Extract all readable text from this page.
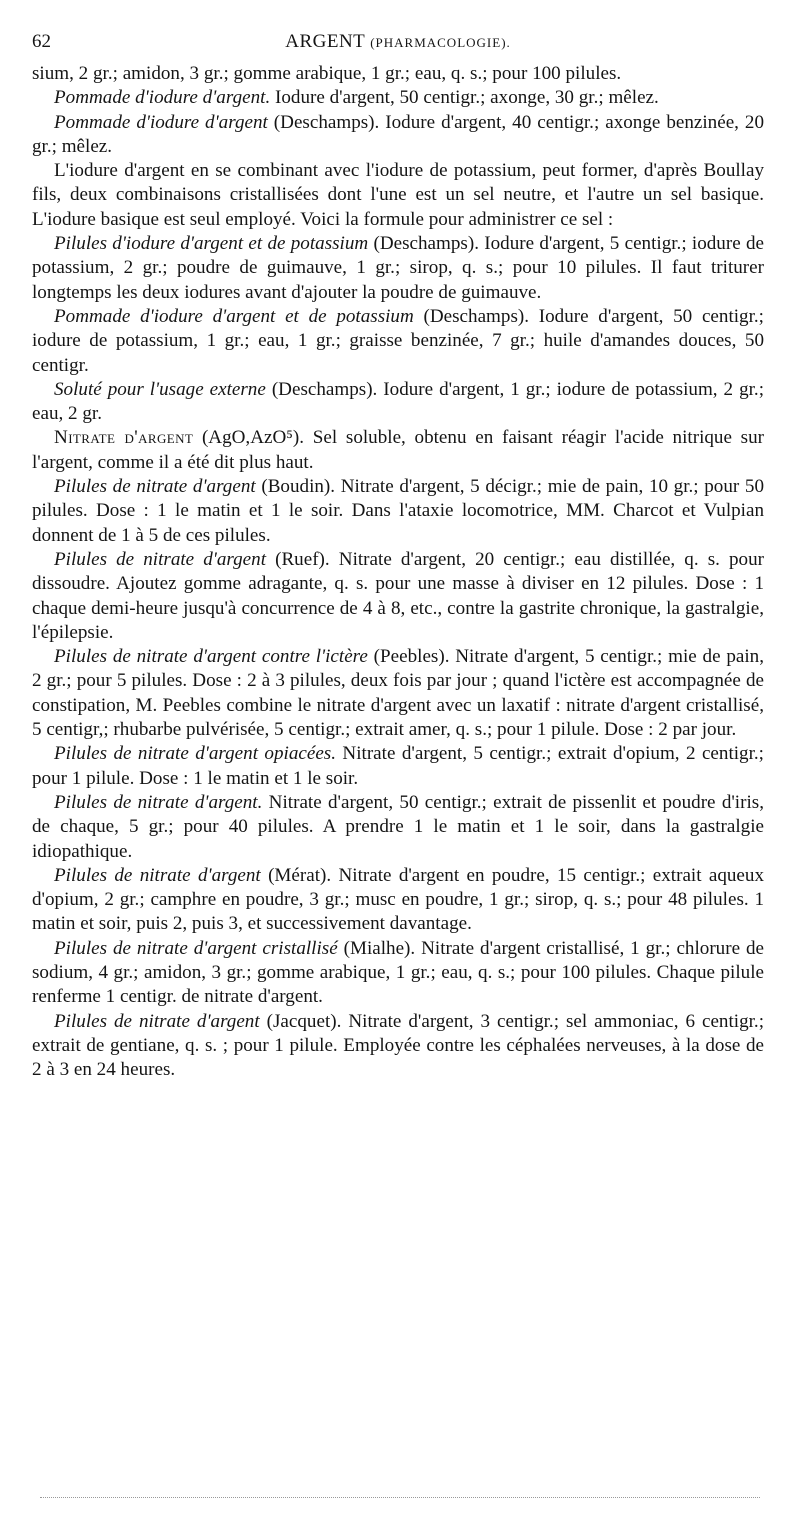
62	ARGENT (PHARMACOLOGIE).

sium, 2 gr.; amidon, 3 gr.; gomme arabique, 1 gr.; eau, q. s.; pour 100 pilules.

Pommade d'iodure d'argent. Iodure d'argent, 50 centigr.; axonge, 30 gr.; mêlez.

Pommade d'iodure d'argent (Deschamps). Iodure d'argent, 40 centigr.; axonge benzinée, 20 gr.; mêlez.

L'iodure d'argent en se combinant avec l'iodure de potassium, peut former, d'après Boullay fils, deux combinaisons cristallisées dont l'une est un sel neutre, et l'autre un sel basique. L'iodure basique est seul employé. Voici la formule pour administrer ce sel :

Pilules d'iodure d'argent et de potassium (Deschamps). Iodure d'argent, 5 centigr.; iodure de potassium, 2 gr.; poudre de guimauve, 1 gr.; sirop, q. s.; pour 10 pilules. Il faut triturer longtemps les deux iodures avant d'ajouter la poudre de guimauve.

Pommade d'iodure d'argent et de potassium (Deschamps). Iodure d'argent, 50 centigr.; iodure de potassium, 1 gr.; eau, 1 gr.; graisse benzinée, 7 gr.; huile d'amandes douces, 50 centigr.

Soluté pour l'usage externe (Deschamps). Iodure d'argent, 1 gr.; iodure de potassium, 2 gr.; eau, 2 gr.

Nitrate d'argent (AgO,AzO⁵). Sel soluble, obtenu en faisant réagir l'acide nitrique sur l'argent, comme il a été dit plus haut.

Pilules de nitrate d'argent (Boudin). Nitrate d'argent, 5 décigr.; mie de pain, 10 gr.; pour 50 pilules. Dose : 1 le matin et 1 le soir. Dans l'ataxie locomotrice, MM. Charcot et Vulpian donnent de 1 à 5 de ces pilules.

Pilules de nitrate d'argent (Ruef). Nitrate d'argent, 20 centigr.; eau distillée, q. s. pour dissoudre. Ajoutez gomme adragante, q. s. pour une masse à diviser en 12 pilules. Dose : 1 chaque demi-heure jusqu'à concurrence de 4 à 8, etc., contre la gastrite chronique, la gastralgie, l'épilepsie.

Pilules de nitrate d'argent contre l'ictère (Peebles). Nitrate d'argent, 5 centigr.; mie de pain, 2 gr.; pour 5 pilules. Dose : 2 à 3 pilules, deux fois par jour ; quand l'ictère est accompagnée de constipation, M. Peebles combine le nitrate d'argent avec un laxatif : nitrate d'argent cristallisé, 5 centigr,; rhubarbe pulvérisée, 5 centigr.; extrait amer, q. s.; pour 1 pilule. Dose : 2 par jour.

Pilules de nitrate d'argent opiacées. Nitrate d'argent, 5 centigr.; extrait d'opium, 2 centigr.; pour 1 pilule. Dose : 1 le matin et 1 le soir.

Pilules de nitrate d'argent. Nitrate d'argent, 50 centigr.; extrait de pissenlit et poudre d'iris, de chaque, 5 gr.; pour 40 pilules. A prendre 1 le matin et 1 le soir, dans la gastralgie idiopathique.

Pilules de nitrate d'argent (Mérat). Nitrate d'argent en poudre, 15 centigr.; extrait aqueux d'opium, 2 gr.; camphre en poudre, 3 gr.; musc en poudre, 1 gr.; sirop, q. s.; pour 48 pilules. 1 matin et soir, puis 2, puis 3, et successivement davantage.

Pilules de nitrate d'argent cristallisé (Mialhe). Nitrate d'argent cristallisé, 1 gr.; chlorure de sodium, 4 gr.; amidon, 3 gr.; gomme arabique, 1 gr.; eau, q. s.; pour 100 pilules. Chaque pilule renferme 1 centigr. de nitrate d'argent.

Pilules de nitrate d'argent (Jacquet). Nitrate d'argent, 3 centigr.; sel ammoniac, 6 centigr.; extrait de gentiane, q. s. ; pour 1 pilule. Employée contre les céphalées nerveuses, à la dose de 2 à 3 en 24 heures.
